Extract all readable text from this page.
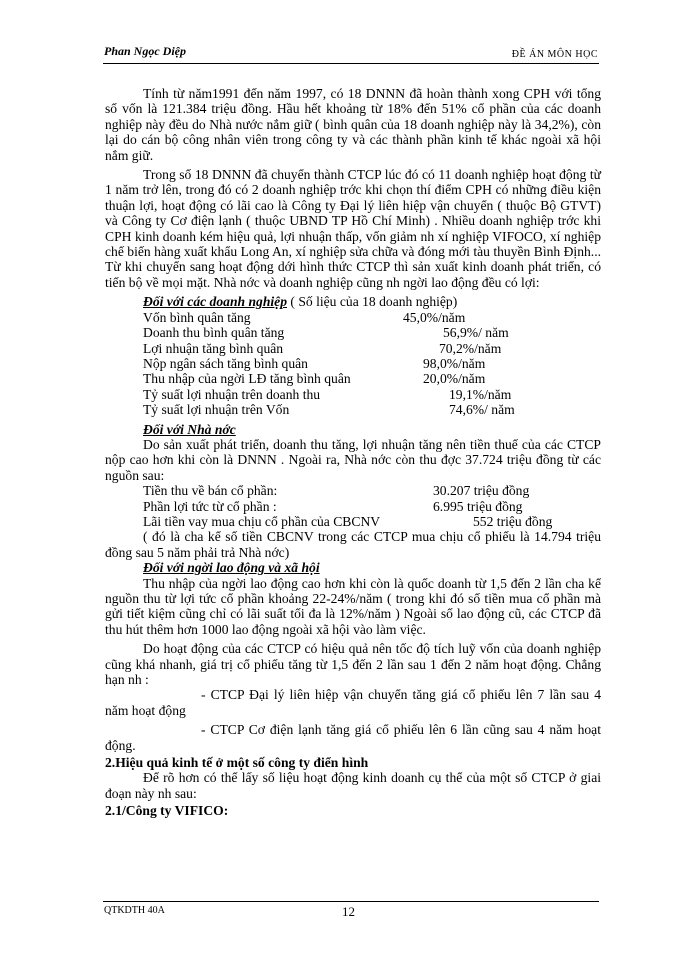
Phan Ngọc Diệp	ĐỀ ÁN MÔN HỌC

Tính từ năm1991 đến năm 1997, có 18 DNNN đã hoàn thành xong CPH với tổng số vốn là 121.384 triệu đồng. Hầu hết khoảng từ 18% đến 51% cổ phần của các doanh nghiệp này đều do Nhà nước nắm giữ ( bình quân của 18 doanh nghiệp này là 34,2%), còn lại do cán bộ công nhân viên trong công ty và các thành phần kinh tế khác ngoài xã hội nắm giữ.

Trong số 18 DNNN đã chuyển thành CTCP lúc đó có 11 doanh nghiệp hoạt động từ 1 năm trở lên, trong đó có 2 doanh nghiệp trớc khi chọn thí điểm CPH có những điều kiện thuận lợi, hoạt động có lãi cao là Công ty Đại lý liên hiệp vận chuyển ( thuộc Bộ GTVT) và Công ty Cơ điện lạnh ( thuộc UBND TP Hồ Chí Minh) . Nhiều doanh nghiệp trớc khi CPH kinh doanh kém hiệu quả, lợi nhuận thấp, vốn giảm nh xí nghiệp VIFOCO, xí nghiệp chế biến hàng xuất khẩu Long An, xí nghiệp sửa chữa và đóng mới tàu thuyền Bình Định... Từ khi chuyển sang hoạt động dới hình thức CTCP thì sản xuất kinh doanh phát triển, có tiến bộ về mọi mặt. Nhà nớc và doanh nghiệp cũng nh ngời lao động đều có lợi:

Đối với các doanh nghiệp ( Số liệu của 18 doanh nghiệp)

Vốn bình quân tăng	45,0%/năm
Doanh thu bình quân tăng	56,9%/ năm
Lợi nhuận tăng bình quân	70,2%/năm
Nộp ngân sách tăng bình quân	98,0%/năm
Thu nhập của ngời LĐ tăng bình quân	20,0%/năm
Tỷ suất lợi nhuận trên doanh thu	19,1%/năm
Tỷ suất lợi nhuận trên Vốn	74,6%/ năm

Đối với Nhà nớc

Do sản xuất phát triển, doanh thu tăng, lợi nhuận tăng nên tiền thuế của các CTCP nộp cao hơn khi còn là DNNN . Ngoài ra, Nhà nớc còn thu đợc 37.724 triệu đồng từ các nguồn sau:

Tiền thu về bán cổ phần:	30.207 triệu đồng
Phần lợi tức từ cổ phần :	6.995 triệu đồng
Lãi tiền vay mua chịu cổ phần của CBCNV	552 triệu đồng

( đó là cha kể số tiền CBCNV trong các CTCP mua chịu cổ phiếu là 14.794 triệu đồng sau 5 năm phải trả Nhà nớc)

Đối với ngời lao động và xã hội

Thu nhập của ngời lao động cao hơn khi còn là quốc doanh từ 1,5 đến 2 lần cha kể nguồn thu từ lợi tức cổ phần khoảng 22-24%/năm ( trong khi đó số tiền mua cổ phần mà gửi tiết kiệm cũng chỉ có lãi suất tối đa là 12%/năm ) Ngoài số lao động cũ, các CTCP đã thu hút thêm hơn 1000 lao động ngoài xã hội vào làm việc.

Do hoạt động của các CTCP có hiệu quả nên tốc độ tích luỹ vốn của doanh nghiệp cũng khá nhanh, giá trị cổ phiếu tăng từ 1,5 đến 2 lần sau 1 đến 2 năm hoạt động. Chẳng hạn nh :

- CTCP Đại lý liên hiệp vận chuyển tăng giá cổ phiếu lên 7 lần sau 4 năm hoạt động

- CTCP Cơ điện lạnh tăng giá cổ phiếu lên 6 lần cũng sau 4 năm hoạt động.

2.Hiệu quả kinh tế ở một số công ty điển hình

Để rõ hơn có thể lấy số liệu hoạt động kinh doanh cụ thể của một số CTCP ở giai đoạn này nh sau:

2.1/Công ty VIFICO:

QTKDTH 40A	12
